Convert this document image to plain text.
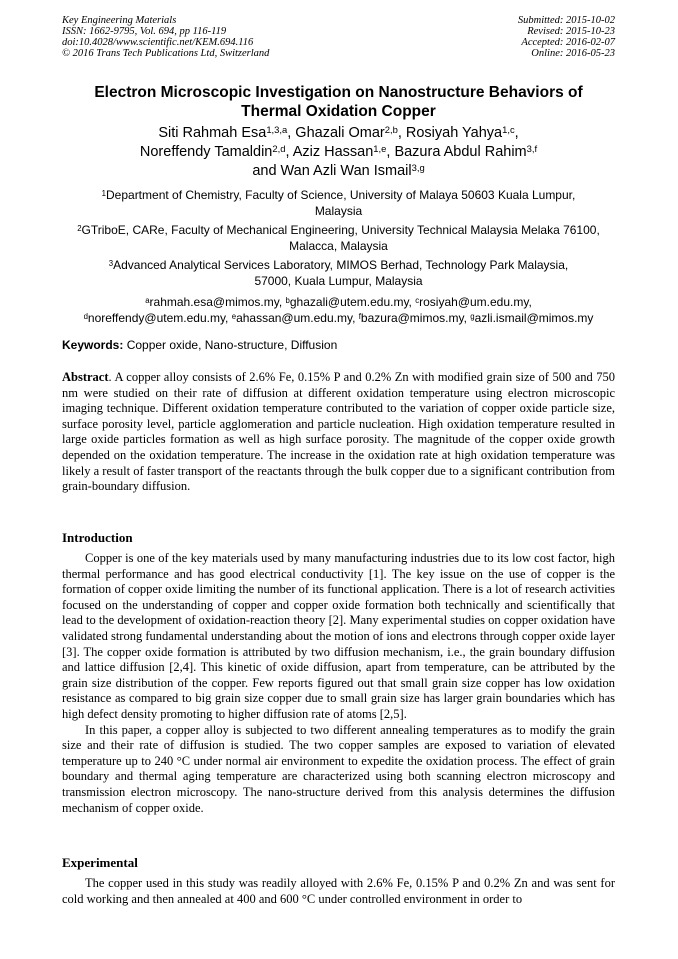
Key Engineering Materials
ISSN: 1662-9795, Vol. 694, pp 116-119
doi:10.4028/www.scientific.net/KEM.694.116
© 2016 Trans Tech Publications Ltd, Switzerland
Submitted: 2015-10-02
Revised: 2015-10-23
Accepted: 2016-02-07
Online: 2016-05-23
Electron Microscopic Investigation on Nanostructure Behaviors of
Thermal Oxidation Copper
Siti Rahmah Esa$^{1,3,a}$, Ghazali Omar$^{2,b}$, Rosiyah Yahya$^{1,c}$,
Noreffendy Tamaldin$^{2,d}$, Aziz Hassan$^{1,e}$, Bazura Abdul Rahim$^{3,f}$
and Wan Azli Wan Ismail$^{3,g}$
$^1$Department of Chemistry, Faculty of Science, University of Malaya 50603 Kuala Lumpur,
Malaysia
$^2$GTriboE, CARe, Faculty of Mechanical Engineering, University Technical Malaysia Melaka 76100,
Malacca, Malaysia
$^3$Advanced Analytical Services Laboratory, MIMOS Berhad, Technology Park Malaysia,
57000, Kuala Lumpur, Malaysia
$^a$rahmah.esa@mimos.my, $^b$ghazali@utem.edu.my, $^c$rosiyah@um.edu.my,
$^d$noreffendy@utem.edu.my, $^e$ahassan@um.edu.my, $^f$bazura@mimos.my, $^g$azli.ismail@mimos.my
Keywords: Copper oxide, Nano-structure, Diffusion
Abstract. A copper alloy consists of 2.6% Fe, 0.15% P and 0.2% Zn with modified grain size of 500 and 750 nm were studied on their rate of diffusion at different oxidation temperature using electron microscopic imaging technique. Different oxidation temperature contributed to the variation of copper oxide particle size, surface porosity level, particle agglomeration and particle nucleation. High oxidation temperature resulted in large oxide particles formation as well as high surface porosity. The magnitude of the copper oxide growth depended on the oxidation temperature. The increase in the oxidation rate at high oxidation temperature was likely a result of faster transport of the reactants through the bulk copper due to a significant contribution from grain-boundary diffusion.
Introduction

Copper is one of the key materials used by many manufacturing industries due to its low cost factor, high thermal performance and has good electrical conductivity [1]. The key issue on the use of copper is the formation of copper oxide limiting the number of its functional application. There is a lot of research activities focused on the understanding of copper and copper oxide formation both technically and scientifically that lead to the development of oxidation-reaction theory [2]. Many experimental studies on copper oxidation have validated strong fundamental understanding about the motion of ions and electrons through copper oxide layer [3]. The copper oxide formation is attributed by two diffusion mechanism, i.e., the grain boundary diffusion and lattice diffusion [2,4]. This kinetic of oxide diffusion, apart from temperature, can be attributed by the grain size distribution of the copper. Few reports figured out that small grain size copper has low oxidation resistance as compared to big grain size copper due to small grain size has larger grain boundaries which has high defect density promoting to higher diffusion rate of atoms [2,5].

In this paper, a copper alloy is subjected to two different annealing temperatures as to modify the grain size and their rate of diffusion is studied. The two copper samples are exposed to variation of elevated temperature up to 240 °C under normal air environment to expedite the oxidation process. The effect of grain boundary and thermal aging temperature are characterized using both scanning electron microscopy and transmission electron microscopy. The nano-structure derived from this analysis determines the diffusion mechanism of copper oxide.

Experimental

The copper used in this study was readily alloyed with 2.6% Fe, 0.15% P and 0.2% Zn and was sent for cold working and then annealed at 400 and 600 °C under controlled environment in order to
